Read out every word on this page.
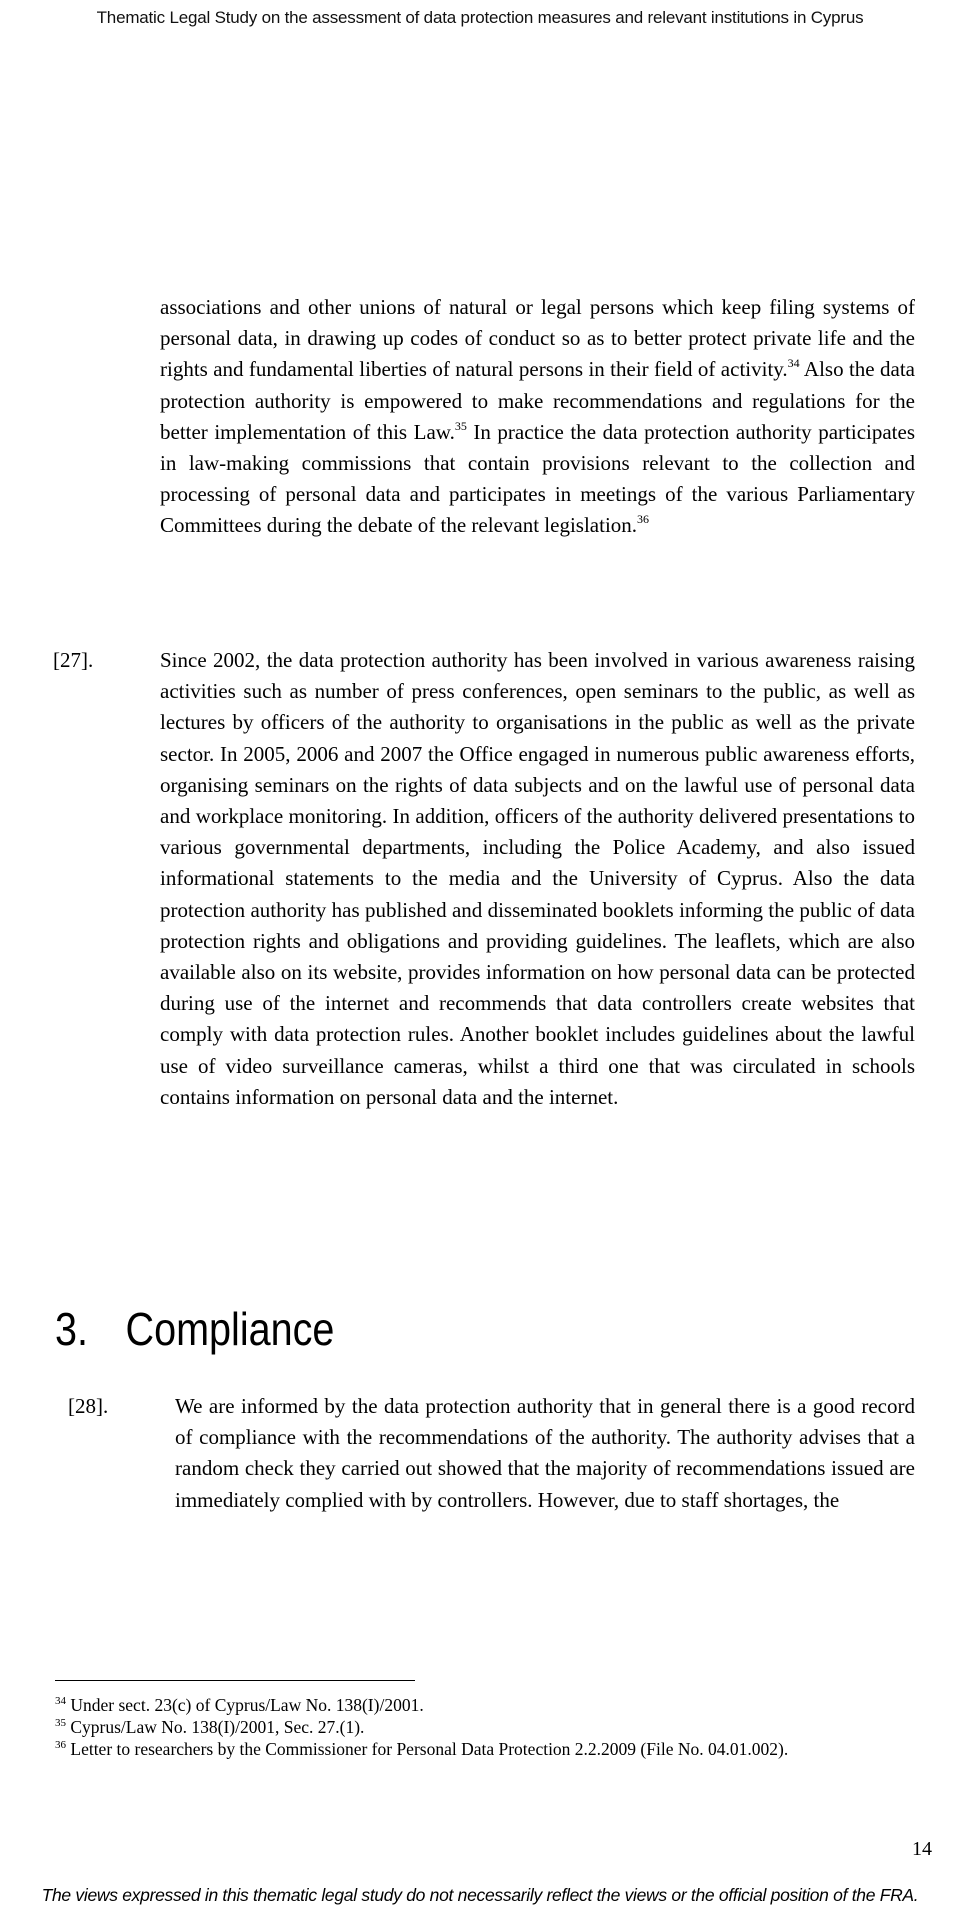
Thematic Legal Study on the assessment of data protection measures and relevant institutions in Cyprus
associations and other unions of natural or legal persons which keep filing systems of personal data, in drawing up codes of conduct so as to better protect private life and the rights and fundamental liberties of natural persons in their field of activity.$^{34}$ Also the data protection authority is empowered to make recommendations and regulations for the better implementation of this Law.$^{35}$ In practice the data protection authority participates in law-making commissions that contain provisions relevant to the collection and processing of personal data and participates in meetings of the various Parliamentary Committees during the debate of the relevant legislation.$^{36}$
[27].	Since 2002, the data protection authority has been involved in various awareness raising activities such as number of press conferences, open seminars to the public, as well as lectures by officers of the authority to organisations in the public as well as the private sector. In 2005, 2006 and 2007 the Office engaged in numerous public awareness efforts, organising seminars on the rights of data subjects and on the lawful use of personal data and workplace monitoring. In addition, officers of the authority delivered presentations to various governmental departments, including the Police Academy, and also issued informational statements to the media and the University of Cyprus. Also the data protection authority has published and disseminated booklets informing the public of data protection rights and obligations and providing guidelines. The leaflets, which are also available also on its website, provides information on how personal data can be protected during use of the internet and recommends that data controllers create websites that comply with data protection rules. Another booklet includes guidelines about the lawful use of video surveillance cameras, whilst a third one that was circulated in schools contains information on personal data and the internet.
3. Compliance
[28].	We are informed by the data protection authority that in general there is a good record of compliance with the recommendations of the authority. The authority advises that a random check they carried out showed that the majority of recommendations issued are immediately complied with by controllers. However, due to staff shortages, the

$^{34}$ Under sect. 23(c) of Cyprus/Law No. 138(I)/2001.

$^{35}$ Cyprus/Law No. 138(I)/2001, Sec. 27.(1).

$^{36}$ Letter to researchers by the Commissioner for Personal Data Protection 2.2.2009 (File No. 04.01.002).

14
The views expressed in this thematic legal study do not necessarily reflect the views or the official position of the FRA.
